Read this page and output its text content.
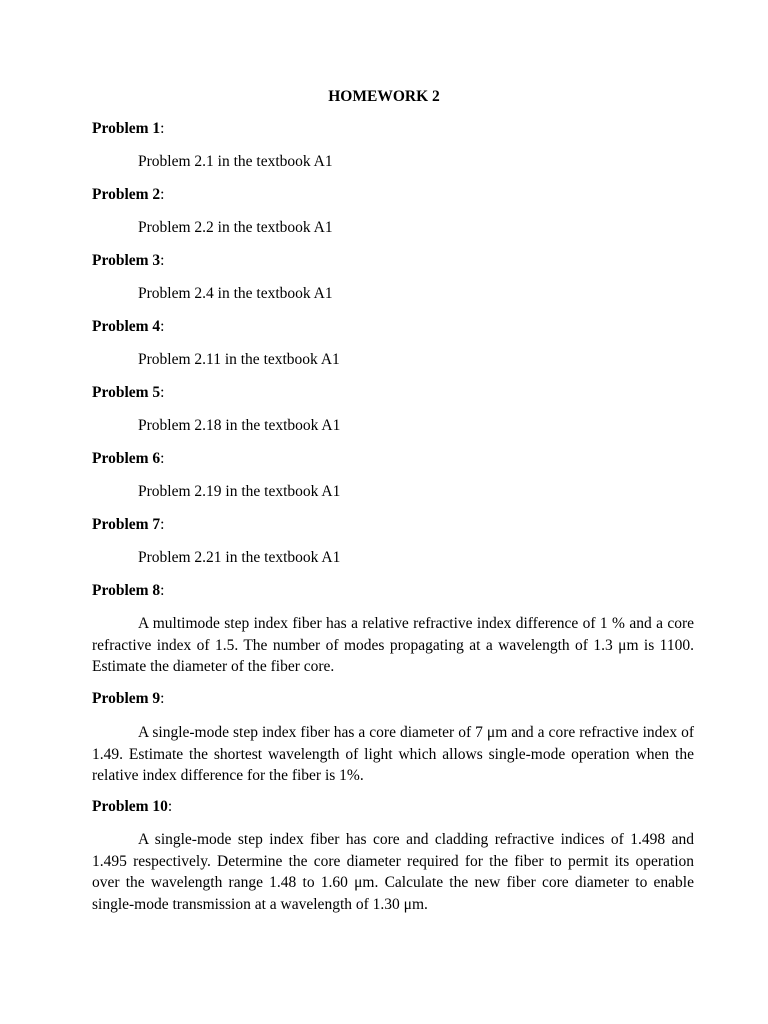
HOMEWORK 2
Problem 1:
Problem 2.1 in the textbook A1
Problem 2:
Problem 2.2 in the textbook A1
Problem 3:
Problem 2.4 in the textbook A1
Problem 4:
Problem 2.11 in the textbook A1
Problem 5:
Problem 2.18 in the textbook A1
Problem 6:
Problem 2.19 in the textbook A1
Problem 7:
Problem 2.21 in the textbook A1
Problem 8:

A multimode step index fiber has a relative refractive index difference of 1 % and a core refractive index of 1.5. The number of modes propagating at a wavelength of 1.3 μm is 1100. Estimate the diameter of the fiber core.

Problem 9:

A single-mode step index fiber has a core diameter of 7 μm and a core refractive index of 1.49. Estimate the shortest wavelength of light which allows single-mode operation when the relative index difference for the fiber is 1%.

Problem 10:

A single-mode step index fiber has core and cladding refractive indices of 1.498 and 1.495 respectively. Determine the core diameter required for the fiber to permit its operation over the wavelength range 1.48 to 1.60 μm. Calculate the new fiber core diameter to enable single-mode transmission at a wavelength of 1.30 μm.
